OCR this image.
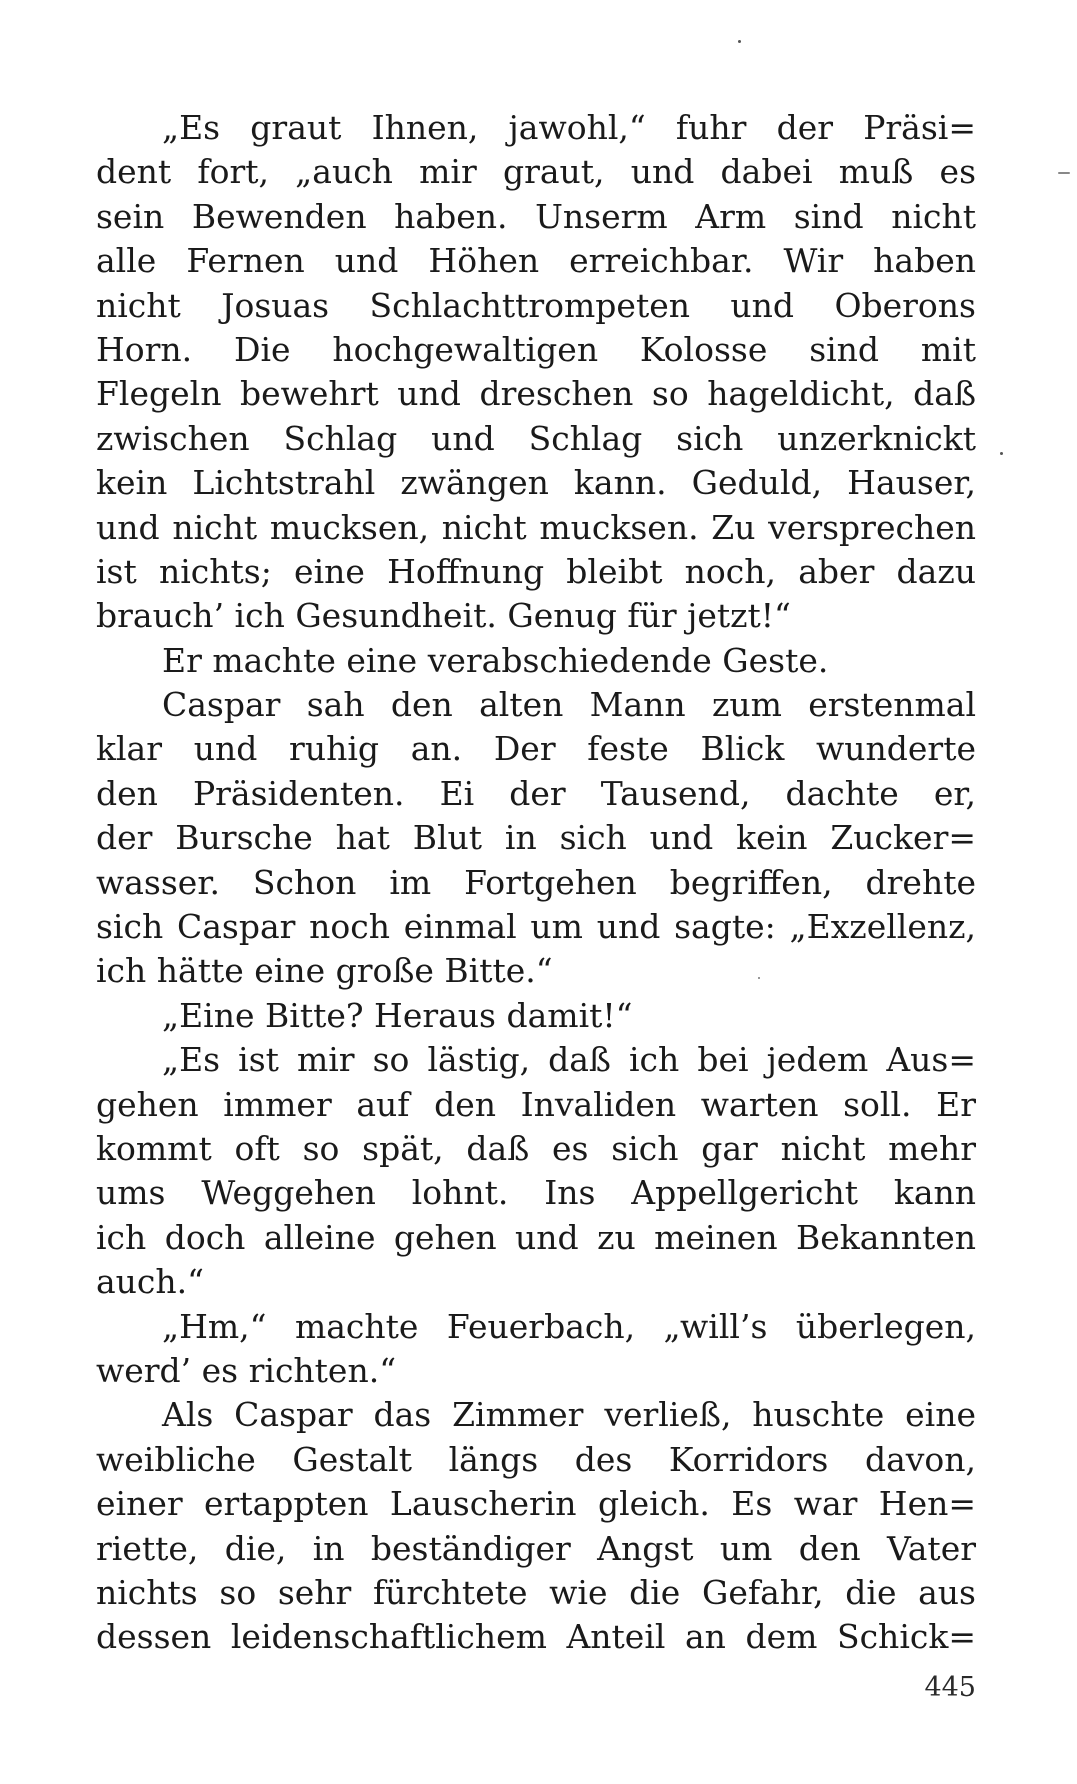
„Es graut Ihnen, jawohl,“ fuhr der Präsi=
dent fort, „auch mir graut, und dabei muß es
sein Bewenden haben. Unserm Arm sind nicht
alle Fernen und Höhen erreichbar. Wir haben
nicht Josuas Schlachttrompeten und Oberons
Horn. Die hochgewaltigen Kolosse sind mit
Flegeln bewehrt und dreschen so hageldicht, daß
zwischen Schlag und Schlag sich unzerknickt
kein Lichtstrahl zwängen kann. Geduld, Hauser,
und nicht mucksen, nicht mucksen. Zu versprechen
ist nichts; eine Hoffnung bleibt noch, aber dazu
brauch’ ich Gesundheit. Genug für jetzt!“
Er machte eine verabschiedende Geste.
Caspar sah den alten Mann zum erstenmal
klar und ruhig an. Der feste Blick wunderte
den Präsidenten. Ei der Tausend, dachte er,
der Bursche hat Blut in sich und kein Zucker=
wasser. Schon im Fortgehen begriffen, drehte
sich Caspar noch einmal um und sagte: „Exzellenz,
ich hätte eine große Bitte.“
„Eine Bitte? Heraus damit!“
„Es ist mir so lästig, daß ich bei jedem Aus=
gehen immer auf den Invaliden warten soll. Er
kommt oft so spät, daß es sich gar nicht mehr
ums Weggehen lohnt. Ins Appellgericht kann
ich doch alleine gehen und zu meinen Bekannten
auch.“
„Hm,“ machte Feuerbach, „will’s überlegen,
werd’ es richten.“
Als Caspar das Zimmer verließ, huschte eine
weibliche Gestalt längs des Korridors davon,
einer ertappten Lauscherin gleich. Es war Hen=
riette, die, in beständiger Angst um den Vater
nichts so sehr fürchtete wie die Gefahr, die aus
dessen leidenschaftlichem Anteil an dem Schick=
445
